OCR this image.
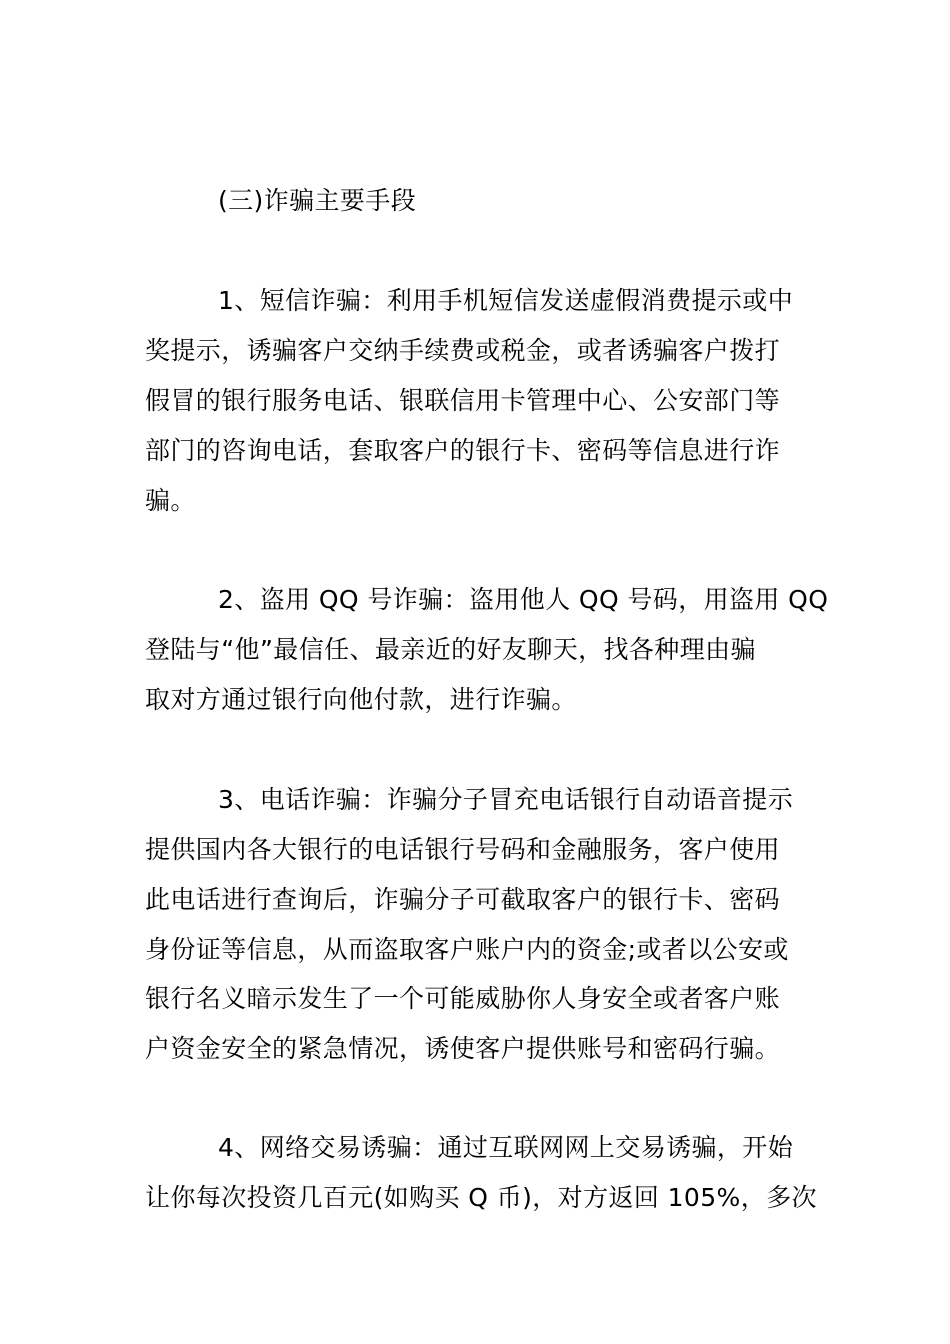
(三)诈骗主要手段
1、短信诈骗：利用手机短信发送虚假消费提示或中
奖提示，诱骗客户交纳手续费或税金，或者诱骗客户拨打
假冒的银行服务电话、银联信用卡管理中心、公安部门等
部门的咨询电话，套取客户的银行卡、密码等信息进行诈
骗。
2、盗用 QQ 号诈骗：盗用他人 QQ 号码，用盗用 QQ
登陆与“他”最信任、最亲近的好友聊天，找各种理由骗
取对方通过银行向他付款，进行诈骗。
3、电话诈骗：诈骗分子冒充电话银行自动语音提示
提供国内各大银行的电话银行号码和金融服务，客户使用
此电话进行查询后，诈骗分子可截取客户的银行卡、密码
身份证等信息，从而盗取客户账户内的资金;或者以公安或
银行名义暗示发生了一个可能威胁你人身安全或者客户账
户资金安全的紧急情况，诱使客户提供账号和密码行骗。
4、网络交易诱骗：通过互联网网上交易诱骗，开始
让你每次投资几百元(如购买 Q 币)，对方返回 105%，多次
